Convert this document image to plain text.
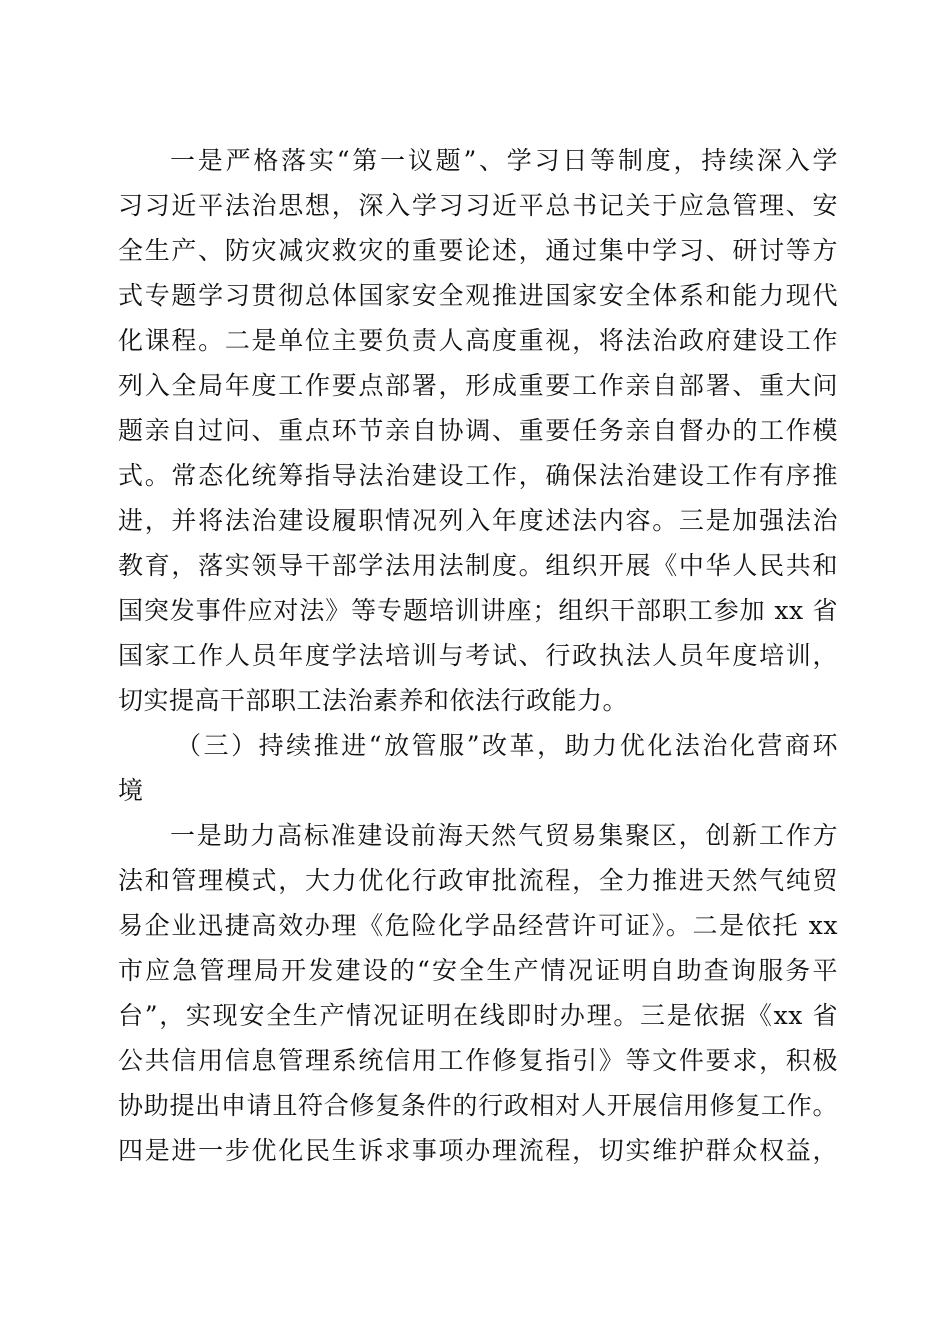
一是严格落实“第一议题”、学习日等制度，持续深入学
习习近平法治思想，深入学习习近平总书记关于应急管理、安
全生产、防灾减灾救灾的重要论述，通过集中学习、研讨等方
式专题学习贯彻总体国家安全观推进国家安全体系和能力现代
化课程。二是单位主要负责人高度重视，将法治政府建设工作
列入全局年度工作要点部署，形成重要工作亲自部署、重大问
题亲自过问、重点环节亲自协调、重要任务亲自督办的工作模
式。常态化统筹指导法治建设工作，确保法治建设工作有序推
进，并将法治建设履职情况列入年度述法内容。三是加强法治
教育，落实领导干部学法用法制度。组织开展《中华人民共和
国突发事件应对法》等专题培训讲座；组织干部职工参加 xx 省
国家工作人员年度学法培训与考试、行政执法人员年度培训，
切实提高干部职工法治素养和依法行政能力。
（三）持续推进“放管服”改革，助力优化法治化营商环
境
一是助力高标准建设前海天然气贸易集聚区，创新工作方
法和管理模式，大力优化行政审批流程，全力推进天然气纯贸
易企业迅捷高效办理《危险化学品经营许可证》。二是依托 xx
市应急管理局开发建设的“安全生产情况证明自助查询服务平
台”，实现安全生产情况证明在线即时办理。三是依据《xx 省
公共信用信息管理系统信用工作修复指引》等文件要求，积极
协助提出申请且符合修复条件的行政相对人开展信用修复工作。
四是进一步优化民生诉求事项办理流程，切实维护群众权益，
